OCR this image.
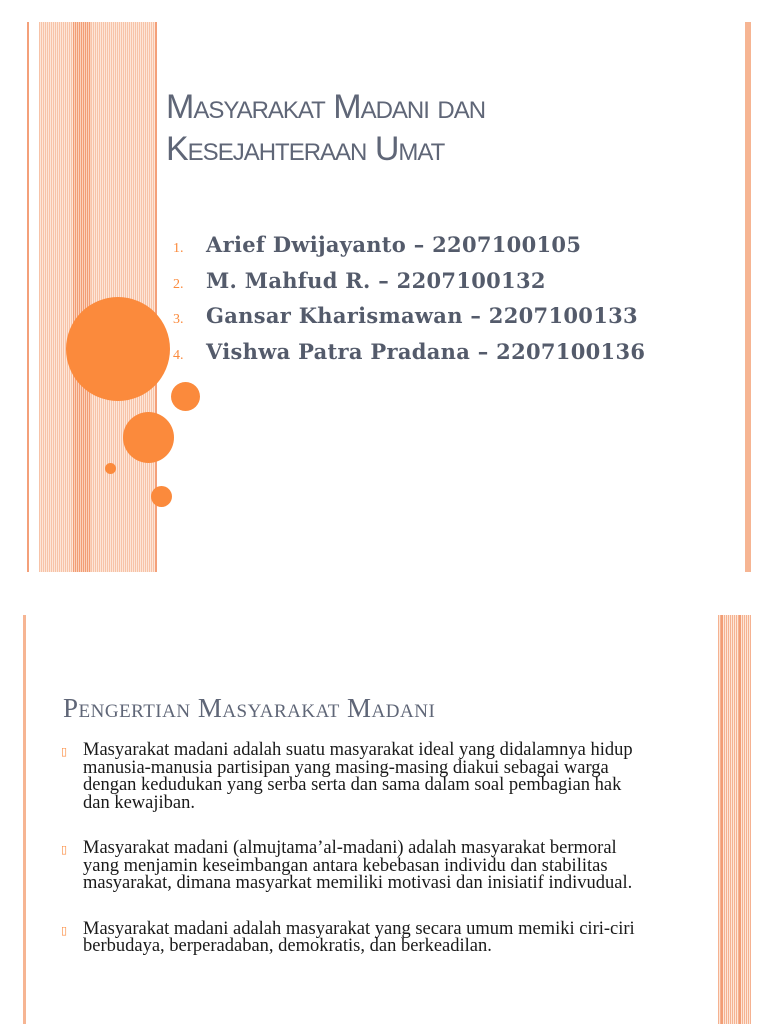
Masyarakat Madani dan
Kesejahteraan Umat
1.	Arief Dwijayanto – 2207100105
2.	M. Mahfud R. – 2207100132
3.	Gansar Kharismawan – 2207100133
4.	Vishwa Patra Pradana – 2207100136
Pengertian Masyarakat Madani
▯ Masyarakat madani adalah suatu masyarakat ideal yang didalamnya hidup manusia-manusia partisipan yang masing-masing diakui sebagai warga dengan kedudukan yang serba serta dan sama dalam soal pembagian hak dan kewajiban.
▯ Masyarakat madani (almujtama’al-madani) adalah masyarakat bermoral yang menjamin keseimbangan antara kebebasan individu dan stabilitas masyarakat, dimana masyarkat memiliki motivasi dan inisiatif indivudual.
▯ Masyarakat madani adalah masyarakat yang secara umum memiki ciri-ciri berbudaya, berperadaban, demokratis, dan berkeadilan.
